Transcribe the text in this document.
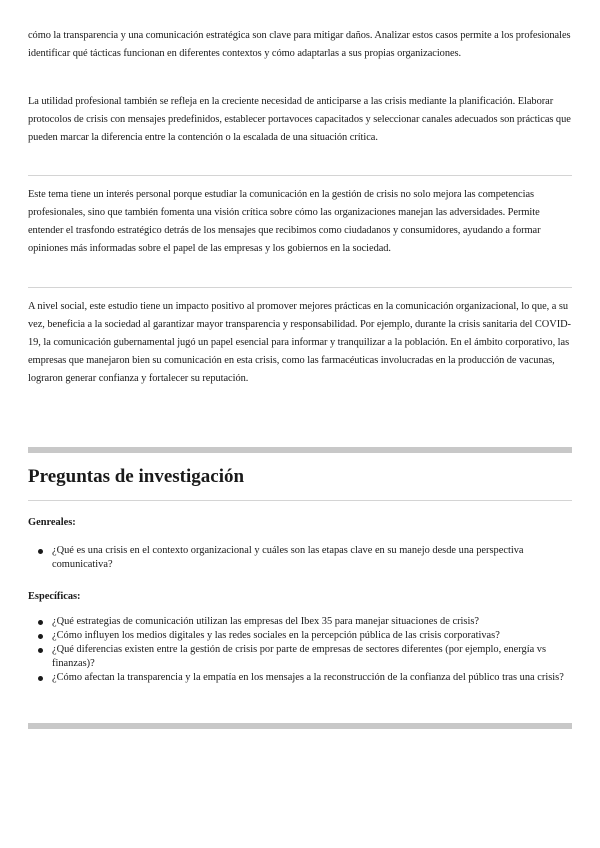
cómo la transparencia y una comunicación estratégica son clave para mitigar daños. Analizar estos casos permite a los profesionales identificar qué tácticas funcionan en diferentes contextos y cómo adaptarlas a sus propias organizaciones.

La utilidad profesional también se refleja en la creciente necesidad de anticiparse a las crisis mediante la planificación. Elaborar protocolos de crisis con mensajes predefinidos, establecer portavoces capacitados y seleccionar canales adecuados son prácticas que pueden marcar la diferencia entre la contención o la escalada de una situación crítica.

Este tema tiene un interés personal porque estudiar la comunicación en la gestión de crisis no solo mejora las competencias profesionales, sino que también fomenta una visión crítica sobre cómo las organizaciones manejan las adversidades. Permite entender el trasfondo estratégico detrás de los mensajes que recibimos como ciudadanos y consumidores, ayudando a formar opiniones más informadas sobre el papel de las empresas y los gobiernos en la sociedad.

A nivel social, este estudio tiene un impacto positivo al promover mejores prácticas en la comunicación organizacional, lo que, a su vez, beneficia a la sociedad al garantizar mayor transparencia y responsabilidad. Por ejemplo, durante la crisis sanitaria del COVID-19, la comunicación gubernamental jugó un papel esencial para informar y tranquilizar a la población. En el ámbito corporativo, las empresas que manejaron bien su comunicación en esta crisis, como las farmacéuticas involucradas en la producción de vacunas, lograron generar confianza y fortalecer su reputación.

Preguntas de investigación

Genreales:

¿Qué es una crisis en el contexto organizacional y cuáles son las etapas clave en su manejo desde una perspectiva comunicativa?

Específicas:

¿Qué estrategias de comunicación utilizan las empresas del Ibex 35 para manejar situaciones de crisis?
¿Cómo influyen los medios digitales y las redes sociales en la percepción pública de las crisis corporativas?
¿Qué diferencias existen entre la gestión de crisis por parte de empresas de sectores diferentes (por ejemplo, energía vs finanzas)?
¿Cómo afectan la transparencia y la empatía en los mensajes a la reconstrucción de la confianza del público tras una crisis?
